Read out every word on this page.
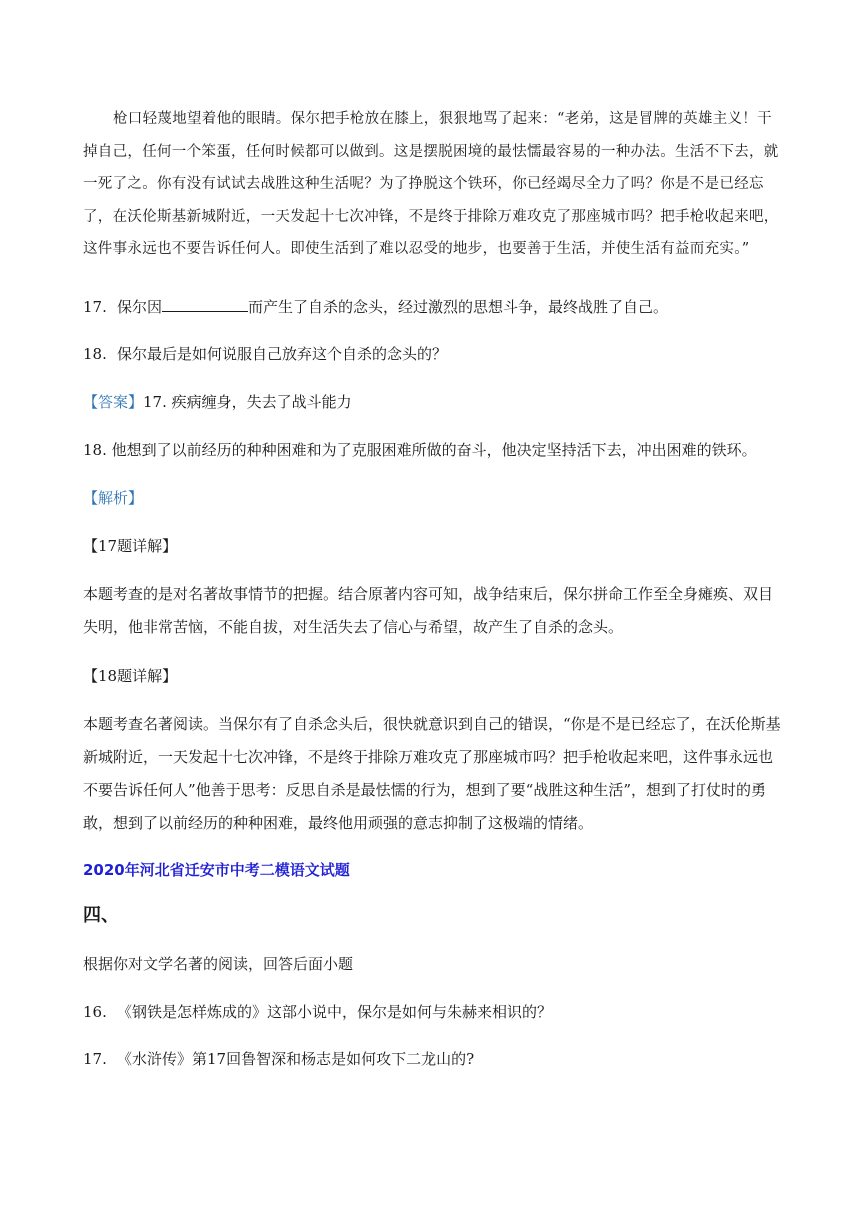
枪口轻蔑地望着他的眼睛。保尔把手枪放在膝上，狠狠地骂了起来：“老弟，这是冒牌的英雄主义！干掉自己，任何一个笨蛋，任何时候都可以做到。这是摆脱困境的最怯懦最容易的一种办法。生活不下去，就一死了之。你有没有试试去战胜这种生活呢？为了挣脱这个铁环，你已经竭尽全力了吗？你是不是已经忘了，在沃伦斯基新城附近，一天发起十七次冲锋，不是终于排除万难攻克了那座城市吗？把手枪收起来吧，这件事永远也不要告诉任何人。即使生活到了难以忍受的地步，也要善于生活，并使生活有益而充实。”

17. 保尔因	而产生了自杀的念头，经过激烈的思想斗争，最终战胜了自己。
18. 保尔最后是如何说服自己放弃这个自杀的念头的？
【答案】17. 疾病缠身，失去了战斗能力
18. 他想到了以前经历的种种困难和为了克服困难所做的奋斗，他决定坚持活下去，冲出困难的铁环。
【解析】
【17题详解】

本题考查的是对名著故事情节的把握。结合原著内容可知，战争结束后，保尔拼命工作至全身瘫痪、双目失明，他非常苦恼，不能自拔，对生活失去了信心与希望，故产生了自杀的念头。

【18题详解】

本题考查名著阅读。当保尔有了自杀念头后，很快就意识到自己的错误，“你是不是已经忘了，在沃伦斯基新城附近，一天发起十七次冲锋，不是终于排除万难攻克了那座城市吗？把手枪收起来吧，这件事永远也不要告诉任何人”他善于思考：反思自杀是最怯懦的行为，想到了要“战胜这种生活”，想到了打仗时的勇敢，想到了以前经历的种种困难，最终他用顽强的意志抑制了这极端的情绪。

2020年河北省迁安市中考二模语文试题
四、
根据你对文学名著的阅读，回答后面小题
16. 《钢铁是怎样炼成的》这部小说中，保尔是如何与朱赫来相识的？
17. 《水浒传》第17回鲁智深和杨志是如何攻下二龙山的?
